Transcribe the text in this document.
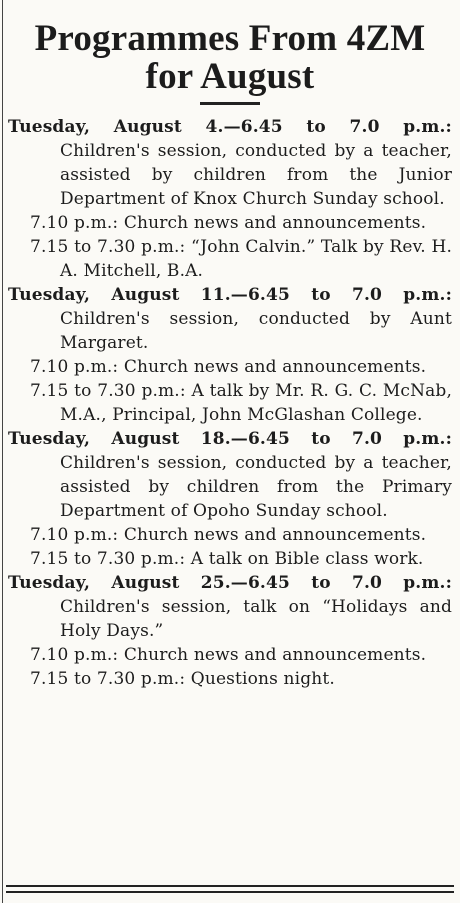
Programmes From 4ZM
for August
Tuesday, August 4.—6.45 to 7.0 p.m.: Children's session, conducted by a teacher, assisted by children from the Junior Department of Knox Church Sunday school.
7.10 p.m.: Church news and announcements.
7.15 to 7.30 p.m.: “John Calvin.” Talk by Rev. H. A. Mitchell, B.A.
Tuesday, August 11.—6.45 to 7.0 p.m.: Children's session, conducted by Aunt Margaret.
7.10 p.m.: Church news and announcements.
7.15 to 7.30 p.m.: A talk by Mr. R. G. C. McNab, M.A., Principal, John McGlashan College.
Tuesday, August 18.—6.45 to 7.0 p.m.: Children's session, conducted by a teacher, assisted by children from the Primary Department of Opoho Sunday school.
7.10 p.m.: Church news and announcements.
7.15 to 7.30 p.m.: A talk on Bible class work.
Tuesday, August 25.—6.45 to 7.0 p.m.: Children's session, talk on “Holidays and Holy Days.”
7.10 p.m.: Church news and announcements.
7.15 to 7.30 p.m.: Questions night.
